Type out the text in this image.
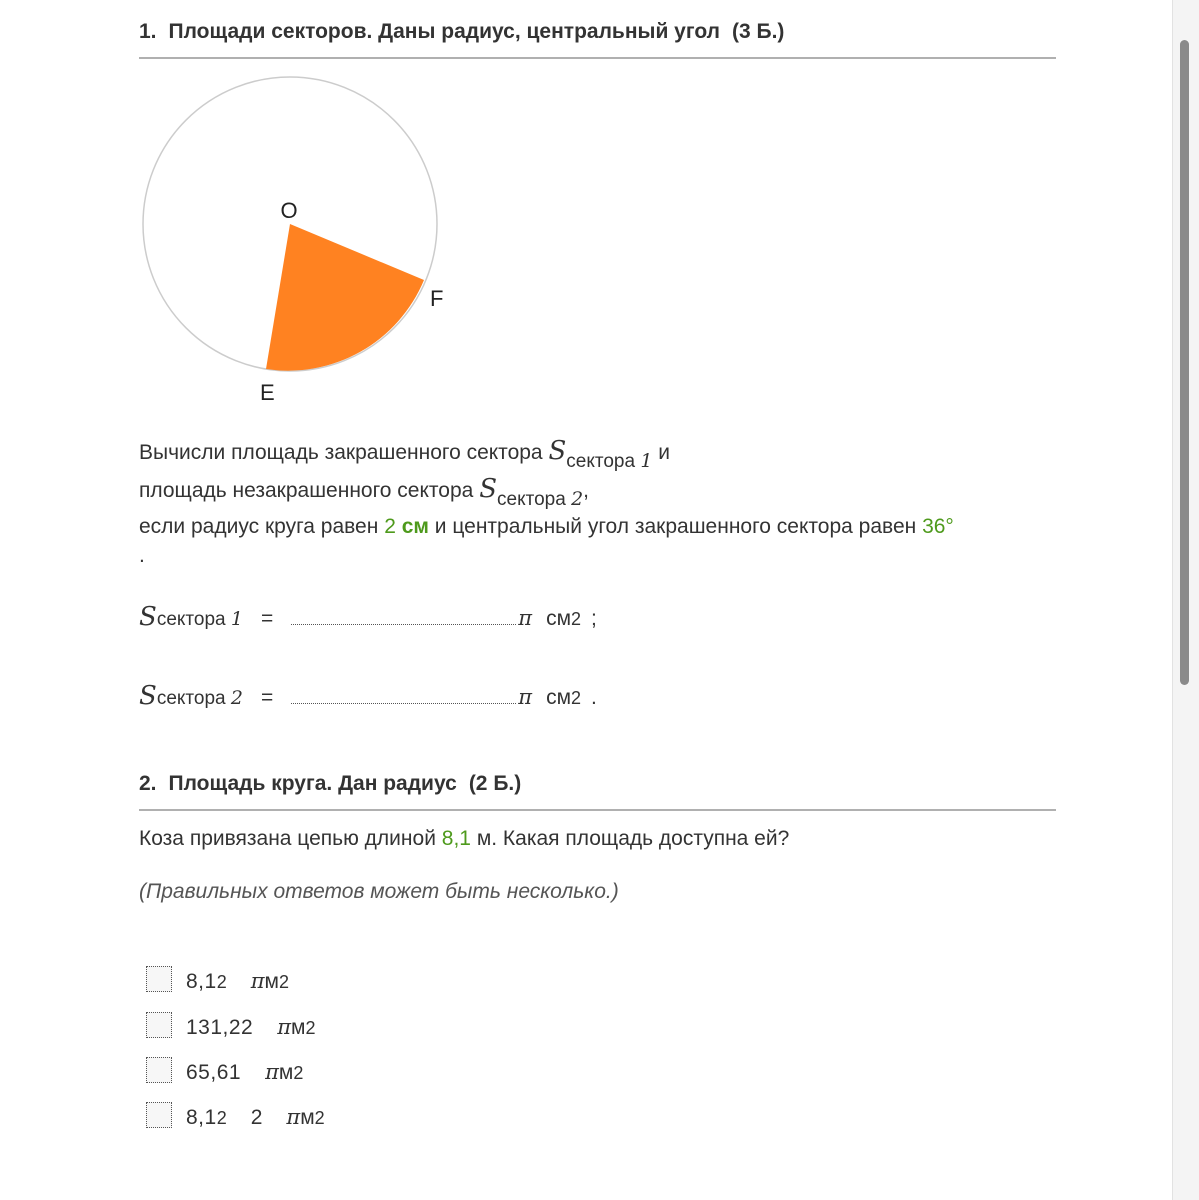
1. Площади секторов. Даны радиус, центральный угол (3 Б.)
O
F
E
Вычисли площадь закрашенного сектора Sсектора 1 и
площадь незакрашенного сектора Sсектора 2,
если радиус круга равен 2 см и центральный угол закрашенного сектора равен 36°
.
S сектора 1 =	π см 2 ;
S сектора 2 =	π см 2 .
2. Площадь круга. Дан радиус (2 Б.)
Коза привязана цепью длиной 8,1 м. Какая площадь доступна ей?
(Правильных ответов может быть несколько.)
8,1 2 π м 2
131,22 π м 2
65,61 π м 2
8,1 2 2 π м 2
